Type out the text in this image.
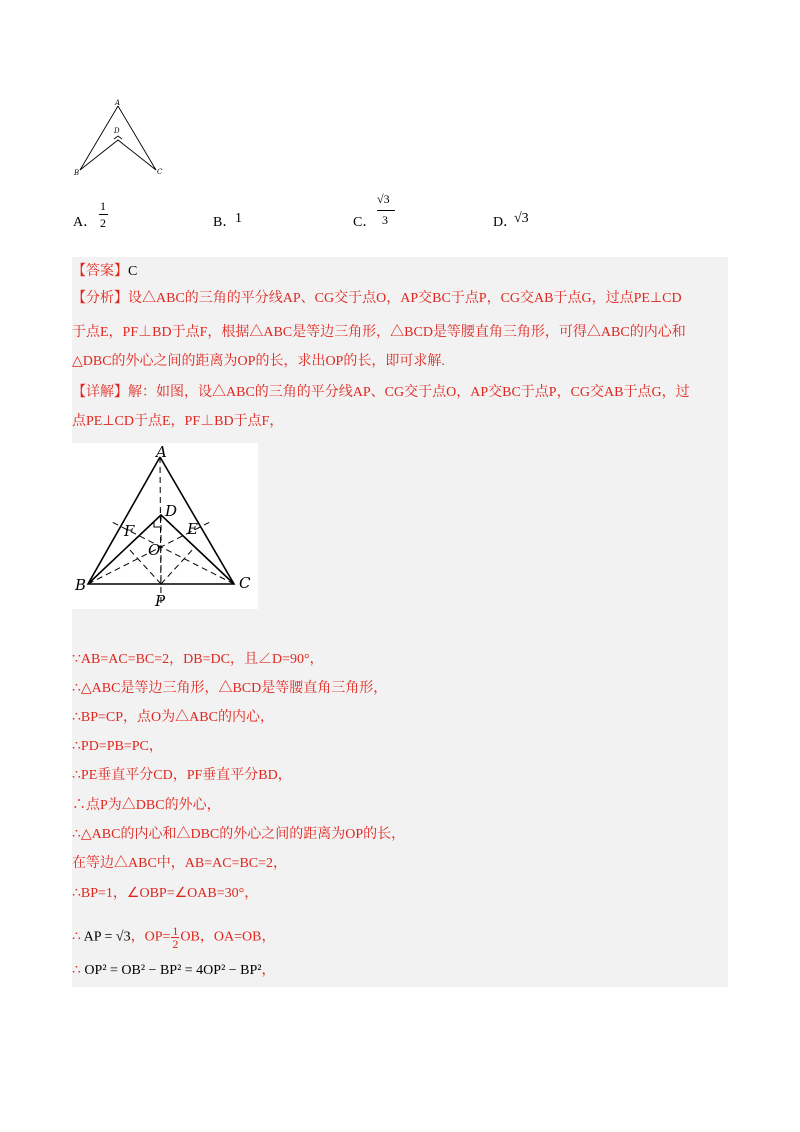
A
D
B	C
A．
1
2	B．
1	C．
√3
3	D．
√3
【答案】C
【分析】设△ABC的三角的平分线AP、CG交于点O，AP交BC于点P，CG交AB于点G，过点PE⊥CD
于点E，PF⊥BD于点F，根据△ABC是等边三角形，△BCD是等腰直角三角形，可得△ABC的内心和
△DBC的外心之间的距离为OP的长，求出OP的长，即可求解.
【详解】解：如图，设△ABC的三角的平分线AP、CG交于点O，AP交BC于点P，CG交AB于点G，过
点PE⊥CD于点E，PF⊥BD于点F，
A
D
F	E
O
B	C
P
∵AB=AC=BC=2，DB=DC，且∠D=90°，
∴△ABC是等边三角形，△BCD是等腰直角三角形，
∴BP=CP，点O为△ABC的内心，
∴PD=PB=PC，
∴PE垂直平分CD，PF垂直平分BD，
∴点P为△DBC的外心，
∴△ABC的内心和△DBC的外心之间的距离为OP的长，
在等边△ABC中，AB=AC=BC=2，
∴BP=1，∠OBP=∠OAB=30°，
∴ AP = √3，$OP= \frac{1}{2}$ OB，OA=OB，
∴ OP² = OB² − BP² = 4OP² − BP²，
